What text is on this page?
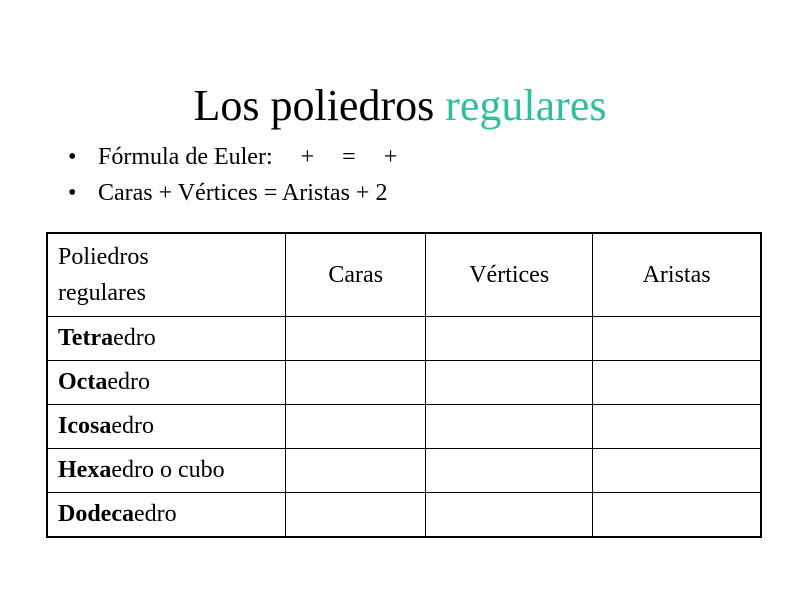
Los poliedros regulares
• Fórmula de Euler: + = +
• Caras + Vértices = Aristas + 2
Poliedros
regulares	Caras	Vértices	Aristas
Tetraedro			
Octaedro			
Icosaedro			
Hexaedro o cubo			
Dodecaedro			
